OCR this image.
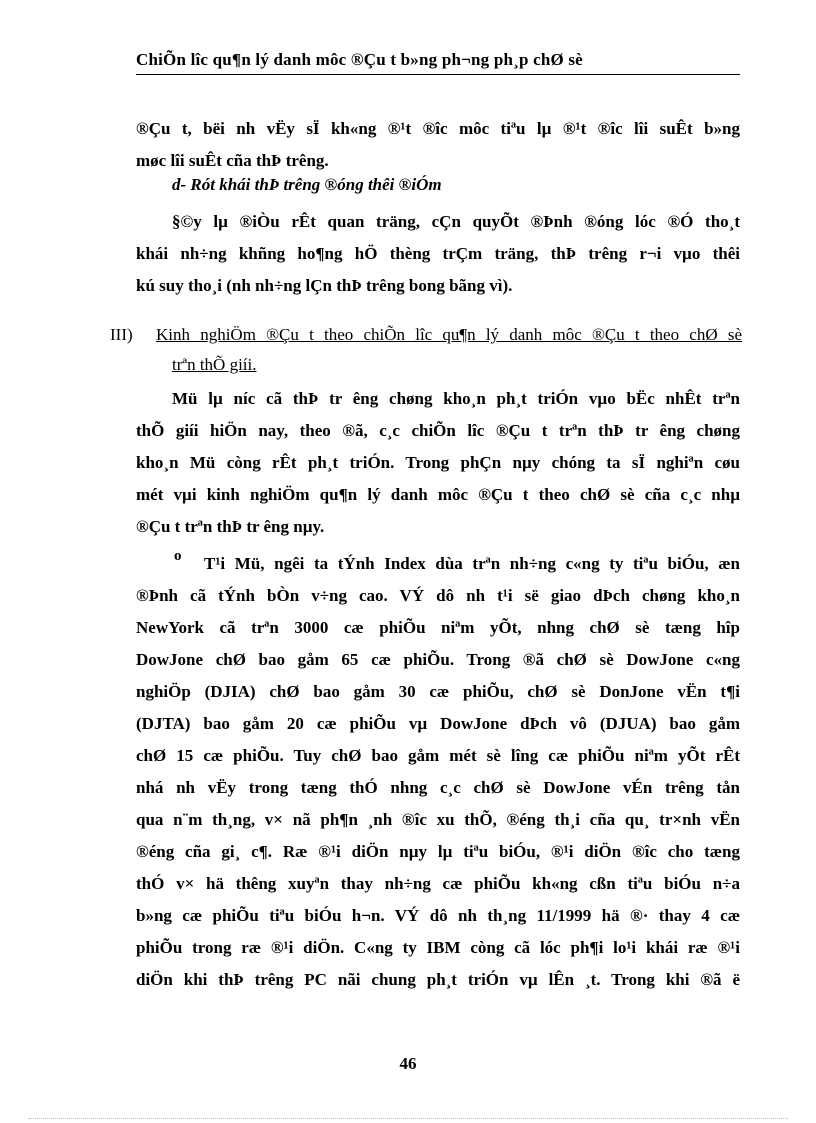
ChiÕn lîc qu¶n lý danh môc ®Çu t b»ng ph¬ng ph¸p chØ sè
®Çu t, bëi nh vËy sÏ kh«ng ®¹t ®îc môc tiªu lµ ®¹t ®îc lîi suÊt b»ng
møc lîi suÊt cña thÞ trêng.
d- Rót khái thÞ trêng ®óng thêi ®iÓm
§©y lµ ®iÒu rÊt quan träng, cÇn quyÕt ®Þnh ®óng lóc ®Ó tho¸t
khái nh÷ng khñng ho¶ng hÖ thèng trÇm träng, thÞ trêng r¬i vµo thêi
kú suy tho¸i (nh nh÷ng lÇn thÞ trêng bong bãng vì).
III) Kinh nghiÖm ®Çu t theo chiÕn lîc qu¶n lý danh môc ®Çu t theo chØ sè
trªn thÕ giíi.
Mü lµ níc cã thÞ tr êng chøng kho¸n ph¸t triÓn vµo bËc nhÊt trªn
thÕ giíi hiÖn nay, theo ®ã, c¸c chiÕn lîc ®Çu t trªn thÞ tr êng chøng
kho¸n Mü còng rÊt ph¸t triÓn. Trong phÇn nµy chóng ta sÏ nghiªn cøu
mét vµi kinh nghiÖm qu¶n lý danh môc ®Çu t theo chØ sè cña c¸c nhµ
®Çu t trªn thÞ tr êng nµy.
o	T¹i Mü, ngêi ta tÝnh Index dùa trªn nh÷ng c«ng ty tiªu biÓu, æn
®Þnh cã tÝnh bÒn v÷ng cao. VÝ dô nh t¹i së giao dÞch chøng kho¸n
NewYork cã trªn 3000 cæ phiÕu niªm yÕt, nhng chØ sè tæng hîp
DowJone chØ bao gåm 65 cæ phiÕu. Trong ®ã chØ sè DowJone c«ng
nghiÖp (DJIA) chØ bao gåm 30 cæ phiÕu, chØ sè DonJone vËn t¶i
(DJTA) bao gåm 20 cæ phiÕu vµ DowJone dÞch vô (DJUA) bao gåm
chØ 15 cæ phiÕu. Tuy chØ bao gåm mét sè lîng cæ phiÕu niªm yÕt rÊt
nhá nh vËy trong tæng thÓ nhng c¸c chØ sè DowJone vÉn trêng tån
qua n¨m th¸ng, v× nã ph¶n ¸nh ®îc xu thÕ, ®éng th¸i cña qu¸ tr×nh vËn
®éng cña gi¸ c¶. Ræ ®¹i diÖn nµy lµ tiªu biÓu, ®¹i diÖn ®îc cho tæng
thÓ v× hä thêng xuyªn thay nh÷ng cæ phiÕu kh«ng cßn tiªu biÓu n÷a
b»ng cæ phiÕu tiªu biÓu h¬n. VÝ dô nh th¸ng 11/1999 hä ®· thay 4 cæ
phiÕu trong ræ ®¹i diÖn. C«ng ty IBM còng cã lóc ph¶i lo¹i khái ræ ®¹i
diÖn khi thÞ trêng PC nãi chung ph¸t triÓn vµ lÊn ¸t. Trong khi ®ã ë
46
